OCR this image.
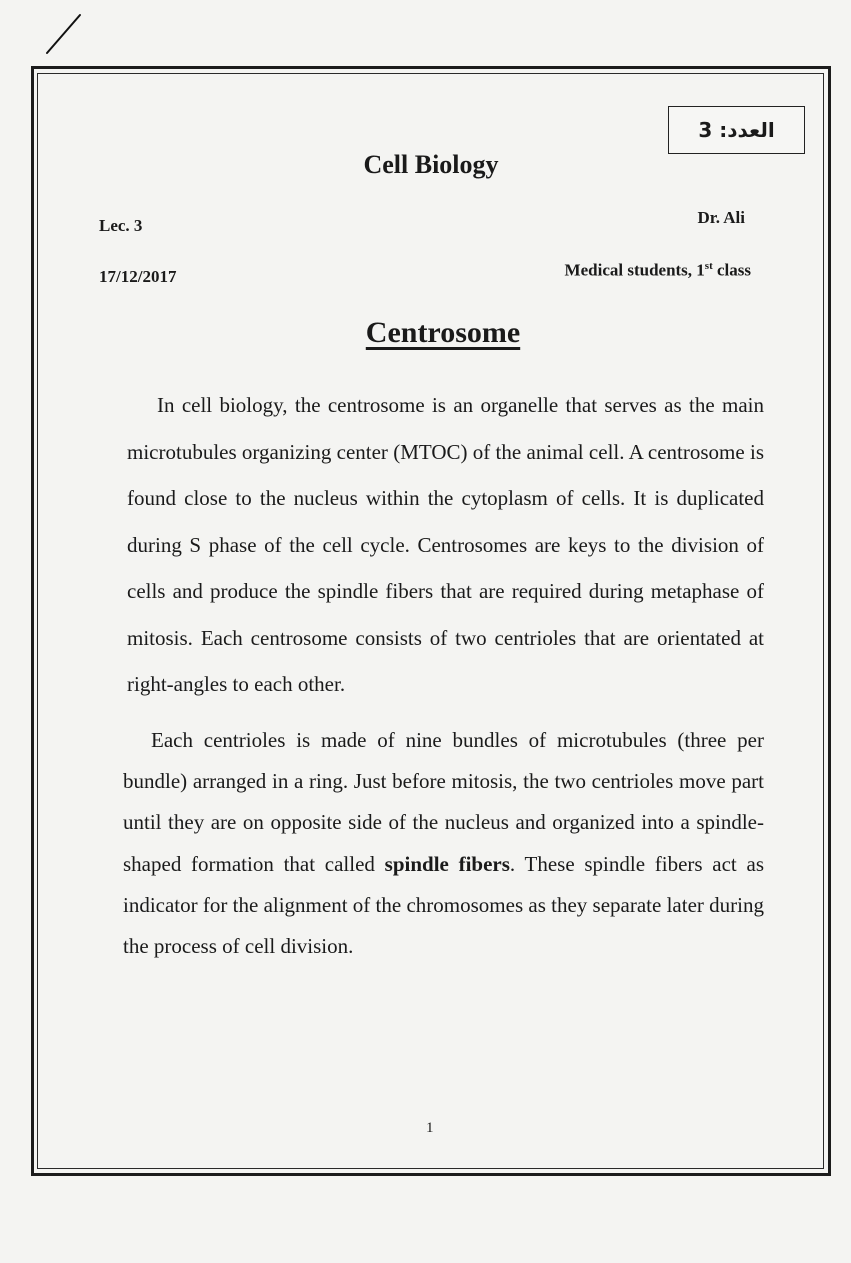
العدد:

3
Cell Biology
Lec. 3	Dr. Ali
17/12/2017	Medical students, 1st class
Centrosome
In cell biology, the centrosome is an organelle that serves as the main microtubules organizing center (MTOC) of the animal cell. A centrosome is found close to the nucleus within the cytoplasm of cells. It is duplicated during S phase of the cell cycle. Centrosomes are keys to the division of cells and produce the spindle fibers that are required during metaphase of mitosis. Each centrosome consists of two centrioles that are orientated at right-angles to each other.
Each centrioles is made of nine bundles of microtubules (three per bundle) arranged in a ring. Just before mitosis, the two centrioles move part until they are on opposite side of the nucleus and organized into a spindle-shaped formation that called spindle fibers. These spindle fibers act as indicator for the alignment of the chromosomes as they separate later during the process of cell division.
1
